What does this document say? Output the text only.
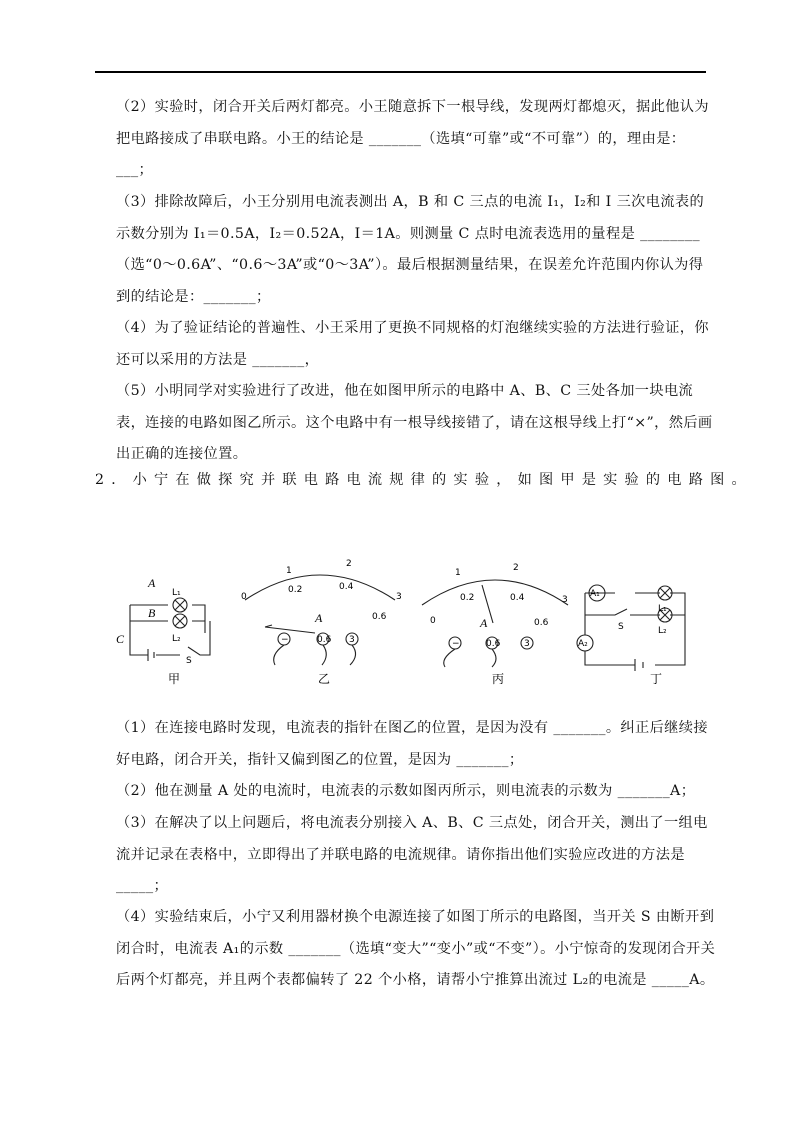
（2）实验时，闭合开关后两灯都亮。小王随意拆下一根导线，发现两灯都熄灭，据此他认为把电路接成了串联电路。小王的结论是 _______（选填“可靠”或“不可靠”）的，理由是：___；
（3）排除故障后，小王分别用电流表测出 A，B 和 C 三点的电流 I₁，I₂和 I 三次电流表的示数分别为 I₁＝0.5A，I₂＝0.52A，I＝1A。则测量 C 点时电流表选用的量程是 ________（选“0～0.6A”、“0.6～3A”或“0～3A”）。最后根据测量结果，在误差允许范围内你认为得到的结论是：_______；
（4）为了验证结论的普遍性、小王采用了更换不同规格的灯泡继续实验的方法进行验证，你还可以采用的方法是 _______，
（5）小明同学对实验进行了改进，他在如图甲所示的电路中 A、B、C 三处各加一块电流表，连接的电路如图乙所示。这个电路中有一根导线接错了，请在这根导线上打“×”，然后画出正确的连接位置。
2．小宁在做探究并联电路电流规律的实验，如图甲是实验的电路图。
A
B
C
L₁
L₂
S
甲
1
2
3
0
0.2	0.4
0.6
A
−	0.6 3
乙
1	2
3
0
0.2	0.4
0.6
A
−	0.6	3
丙
A₁
A₂
L₁
L₂
S
丁
（1）在连接电路时发现，电流表的指针在图乙的位置，是因为没有 _______。纠正后继续接好电路，闭合开关，指针又偏到图乙的位置，是因为 _______；
（2）他在测量 A 处的电流时，电流表的示数如图丙所示，则电流表的示数为 _______A；
（3）在解决了以上问题后，将电流表分别接入 A、B、C 三点处，闭合开关，测出了一组电流并记录在表格中，立即得出了并联电路的电流规律。请你指出他们实验应改进的方法是 _____；
（4）实验结束后，小宁又利用器材换个电源连接了如图丁所示的电路图，当开关 S 由断开到闭合时，电流表 A₁的示数 _______（选填“变大”“变小”或“不变”）。小宁惊奇的发现闭合开关后两个灯都亮，并且两个表都偏转了 22 个小格，请帮小宁推算出流过 L₂的电流是 _____A。
